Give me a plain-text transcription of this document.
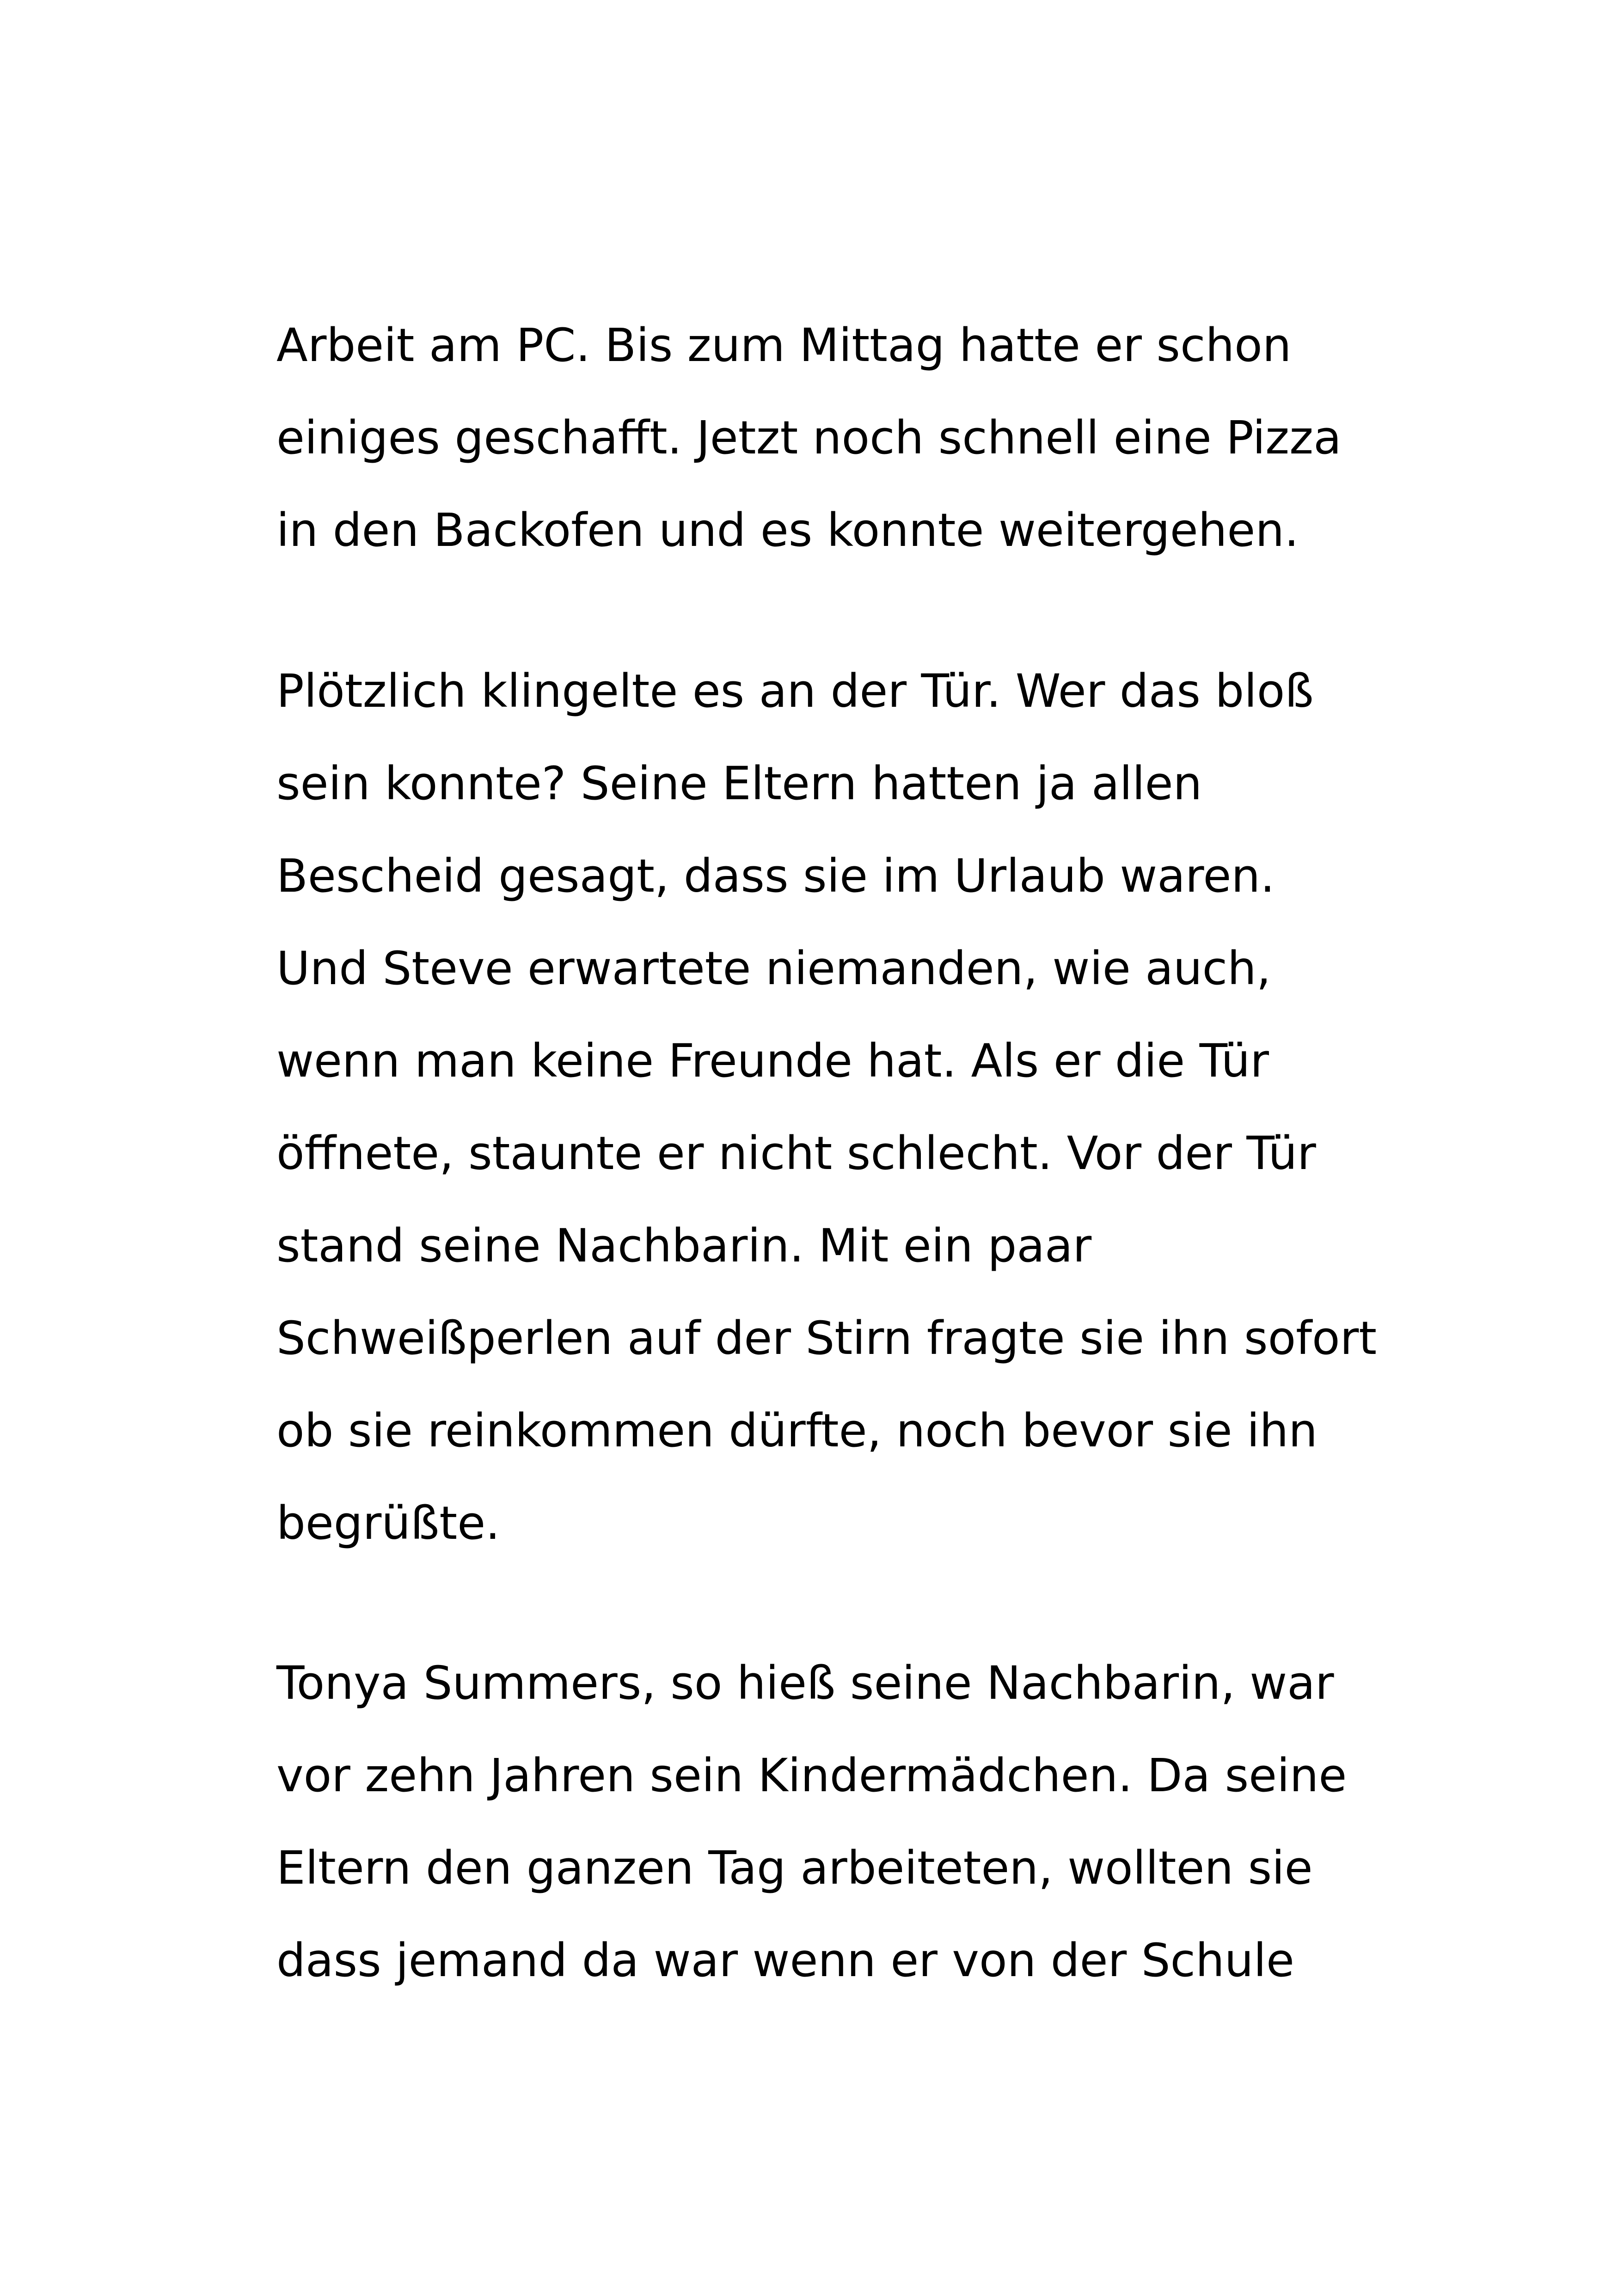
Arbeit am PC. Bis zum Mittag hatte er schon
einiges geschafft. Jetzt noch schnell eine Pizza
in den Backofen und es konnte weitergehen.
Plötzlich klingelte es an der Tür. Wer das bloß
sein konnte? Seine Eltern hatten ja allen
Bescheid gesagt, dass sie im Urlaub waren.
Und Steve erwartete niemanden, wie auch,
wenn man keine Freunde hat. Als er die Tür
öffnete, staunte er nicht schlecht. Vor der Tür
stand seine Nachbarin. Mit ein paar
Schweißperlen auf der Stirn fragte sie ihn sofort
ob sie reinkommen dürfte, noch bevor sie ihn
begrüßte.
Tonya Summers, so hieß seine Nachbarin, war
vor zehn Jahren sein Kindermädchen. Da seine
Eltern den ganzen Tag arbeiteten, wollten sie
dass jemand da war wenn er von der Schule
